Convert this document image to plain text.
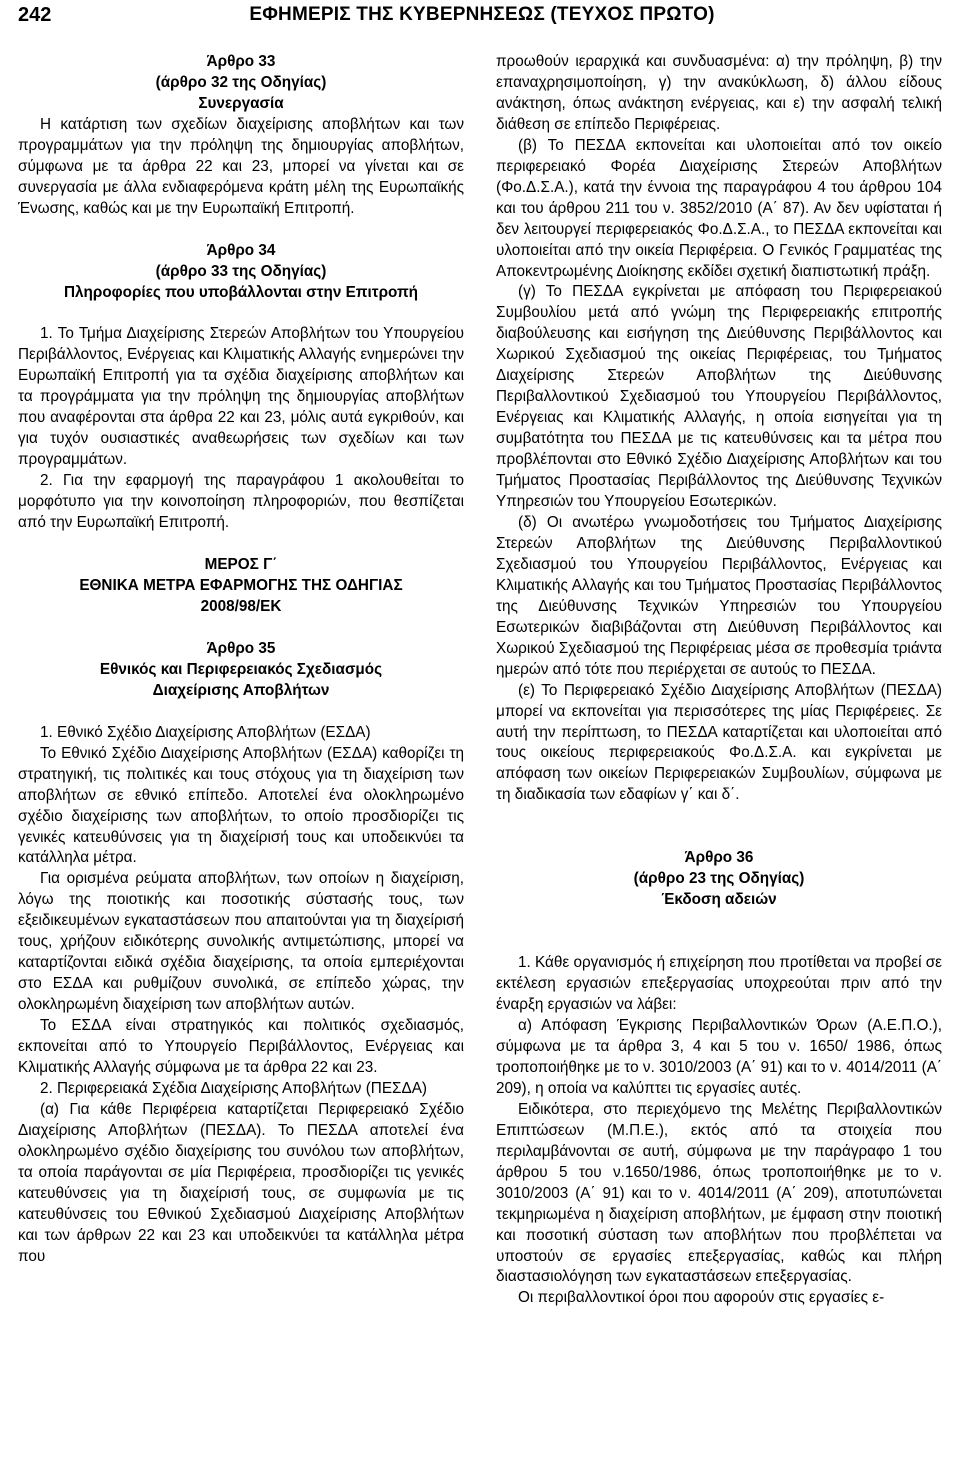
242	ΕΦΗΜΕΡΙΣ ΤΗΣ ΚΥΒΕΡΝΗΣΕΩΣ (ΤΕΥΧΟΣ ΠΡΩΤΟ)

Άρθρο 33

(άρθρο 32 της Οδηγίας)

Συνεργασία

Η κατάρτιση των σχεδίων διαχείρισης αποβλήτων και των προγραμμάτων για την πρόληψη της δημιουργίας αποβλήτων, σύμφωνα με τα άρθρα 22 και 23, μπορεί να γίνεται και σε συνεργασία με άλλα ενδιαφερόμενα κράτη μέλη της Ευρωπαϊκής Ένωσης, καθώς και με την Ευρωπαϊκή Επιτροπή.

Άρθρο 34

(άρθρο 33 της Οδηγίας)

Πληροφορίες που υποβάλλονται στην Επιτροπή

1. Το Τμήμα Διαχείρισης Στερεών Αποβλήτων του Υπουργείου Περιβάλλοντος, Ενέργειας και Κλιματικής Αλλαγής ενημερώνει την Ευρωπαϊκή Επιτροπή για τα σχέδια διαχείρισης αποβλήτων και τα προγράμματα για την πρόληψη της δημιουργίας αποβλήτων που αναφέρονται στα άρθρα 22 και 23, μόλις αυτά εγκριθούν, και για τυχόν ουσιαστικές αναθεωρήσεις των σχεδίων και των προγραμμάτων.

2. Για την εφαρμογή της παραγράφου 1 ακολουθείται το μορφότυπο για την κοινοποίηση πληροφοριών, που θεσπίζεται από την Ευρωπαϊκή Επιτροπή.

ΜΕΡΟΣ Γ΄

ΕΘΝΙΚΑ ΜΕΤΡΑ ΕΦΑΡΜΟΓΗΣ ΤΗΣ ΟΔΗΓΙΑΣ

2008/98/ΕΚ

Άρθρο 35

Εθνικός και Περιφερειακός Σχεδιασμός

Διαχείρισης Αποβλήτων

1. Εθνικό Σχέδιο Διαχείρισης Αποβλήτων (ΕΣΔΑ)

Το Εθνικό Σχέδιο Διαχείρισης Αποβλήτων (ΕΣΔΑ) καθορίζει τη στρατηγική, τις πολιτικές και τους στόχους για τη διαχείριση των αποβλήτων σε εθνικό επίπεδο. Αποτελεί ένα ολοκληρωμένο σχέδιο διαχείρισης των αποβλήτων, το οποίο προσδιορίζει τις γενικές κατευθύνσεις για τη διαχείρισή τους και υποδεικνύει τα κατάλληλα μέτρα.

Για ορισμένα ρεύματα αποβλήτων, των οποίων η διαχείριση, λόγω της ποιοτικής και ποσοτικής σύστασής τους, των εξειδικευμένων εγκαταστάσεων που απαιτούνται για τη διαχείρισή τους, χρήζουν ειδικότερης συνολικής αντιμετώπισης, μπορεί να καταρτίζονται ειδικά σχέδια διαχείρισης, τα οποία εμπεριέχονται στο ΕΣΔΑ και ρυθμίζουν συνολικά, σε επίπεδο χώρας, την ολοκληρωμένη διαχείριση των αποβλήτων αυτών.

Το ΕΣΔΑ είναι στρατηγικός και πολιτικός σχεδιασμός, εκπονείται από το Υπουργείο Περιβάλλοντος, Ενέργειας και Κλιματικής Αλλαγής σύμφωνα με τα άρθρα 22 και 23.

2. Περιφερειακά Σχέδια Διαχείρισης Αποβλήτων (ΠΕΣΔΑ)

(α) Για κάθε Περιφέρεια καταρτίζεται Περιφερειακό Σχέδιο Διαχείρισης Αποβλήτων (ΠΕΣΔΑ). Το ΠΕΣΔΑ αποτελεί ένα ολοκληρωμένο σχέδιο διαχείρισης του συνόλου των αποβλήτων, τα οποία παράγονται σε μία Περιφέρεια, προσδιορίζει τις γενικές κατευθύνσεις για τη διαχείρισή τους, σε συμφωνία με τις κατευθύνσεις του Εθνικού Σχεδιασμού Διαχείρισης Αποβλήτων και των άρθρων 22 και 23 και υποδεικνύει τα κατάλληλα μέτρα που

προωθούν ιεραρχικά και συνδυασμένα: α) την πρόληψη, β) την επαναχρησιμοποίηση, γ) την ανακύκλωση, δ) άλλου είδους ανάκτηση, όπως ανάκτηση ενέργειας, και ε) την ασφαλή τελική διάθεση σε επίπεδο Περιφέρειας.

(β) Το ΠΕΣΔΑ εκπονείται και υλοποιείται από τον οικείο περιφερειακό Φορέα Διαχείρισης Στερεών Αποβλήτων (Φο.Δ.Σ.Α.), κατά την έννοια της παραγράφου 4 του άρθρου 104 και του άρθρου 211 του ν. 3852/2010 (Α΄ 87). Αν δεν υφίσταται ή δεν λειτουργεί περιφερειακός Φο.Δ.Σ.Α., το ΠΕΣΔΑ εκπονείται και υλοποιείται από την οικεία Περιφέρεια. Ο Γενικός Γραμματέας της Αποκεντρωμένης Διοίκησης εκδίδει σχετική διαπιστωτική πράξη.

(γ) Το ΠΕΣΔΑ εγκρίνεται με απόφαση του Περιφερειακού Συμβουλίου μετά από γνώμη της Περιφερειακής επιτροπής διαβούλευσης και εισήγηση της Διεύθυνσης Περιβάλλοντος και Χωρικού Σχεδιασμού της οικείας Περιφέρειας, του Τμήματος Διαχείρισης Στερεών Αποβλήτων της Διεύθυνσης Περιβαλλοντικού Σχεδιασμού του Υπουργείου Περιβάλλοντος, Ενέργειας και Κλιματικής Αλλαγής, η οποία εισηγείται για τη συμβατότητα του ΠΕΣΔΑ με τις κατευθύνσεις και τα μέτρα που προβλέπονται στο Εθνικό Σχέδιο Διαχείρισης Αποβλήτων και του Τμήματος Προστασίας Περιβάλλοντος της Διεύθυνσης Τεχνικών Υπηρεσιών του Υπουργείου Εσωτερικών.

(δ) Οι ανωτέρω γνωμοδοτήσεις του Τμήματος Διαχείρισης Στερεών Αποβλήτων της Διεύθυνσης Περιβαλλοντικού Σχεδιασμού του Υπουργείου Περιβάλλοντος, Ενέργειας και Κλιματικής Αλλαγής και του Τμήματος Προστασίας Περιβάλλοντος της Διεύθυνσης Τεχνικών Υπηρεσιών του Υπουργείου Εσωτερικών διαβιβάζονται στη Διεύθυνση Περιβάλλοντος και Χωρικού Σχεδιασμού της Περιφέρειας μέσα σε προθεσμία τριάντα ημερών από τότε που περιέρχεται σε αυτούς το ΠΕΣΔΑ.

(ε) Το Περιφερειακό Σχέδιο Διαχείρισης Αποβλήτων (ΠΕΣΔΑ) μπορεί να εκπονείται για περισσότερες της μίας Περιφέρειες. Σε αυτή την περίπτωση, το ΠΕΣΔΑ καταρτίζεται και υλοποιείται από τους οικείους περιφερειακούς Φο.Δ.Σ.Α. και εγκρίνεται με απόφαση των οικείων Περιφερειακών Συμβουλίων, σύμφωνα με τη διαδικασία των εδαφίων γ΄ και δ΄.

Άρθρο 36

(άρθρο 23 της Οδηγίας)

Έκδοση αδειών

1. Κάθε οργανισμός ή επιχείρηση που προτίθεται να προβεί σε εκτέλεση εργασιών επεξεργασίας υποχρεούται πριν από την έναρξη εργασιών να λάβει:

α) Απόφαση Έγκρισης Περιβαλλοντικών Όρων (Α.Ε.Π.Ο.), σύμφωνα με τα άρθρα 3, 4 και 5 του ν. 1650/ 1986, όπως τροποποιήθηκε με το ν. 3010/2003 (Α΄ 91) και το ν. 4014/2011 (Α΄ 209), η οποία να καλύπτει τις εργασίες αυτές.

Ειδικότερα, στο περιεχόμενο της Μελέτης Περιβαλλοντικών Επιπτώσεων (Μ.Π.Ε.), εκτός από τα στοιχεία που περιλαμβάνονται σε αυτή, σύμφωνα με την παράγραφο 1 του άρθρου 5 του ν.1650/1986, όπως τροποποιήθηκε με το ν. 3010/2003 (Α΄ 91) και το ν. 4014/2011 (Α΄ 209), αποτυπώνεται τεκμηριωμένα η διαχείριση αποβλήτων, με έμφαση στην ποιοτική και ποσοτική σύσταση των αποβλήτων που προβλέπεται να υποστούν σε εργασίες επεξεργασίας, καθώς και πλήρη διαστασιολόγηση των εγκαταστάσεων επεξεργασίας.

Οι περιβαλλοντικοί όροι που αφορούν στις εργασίες ε-
